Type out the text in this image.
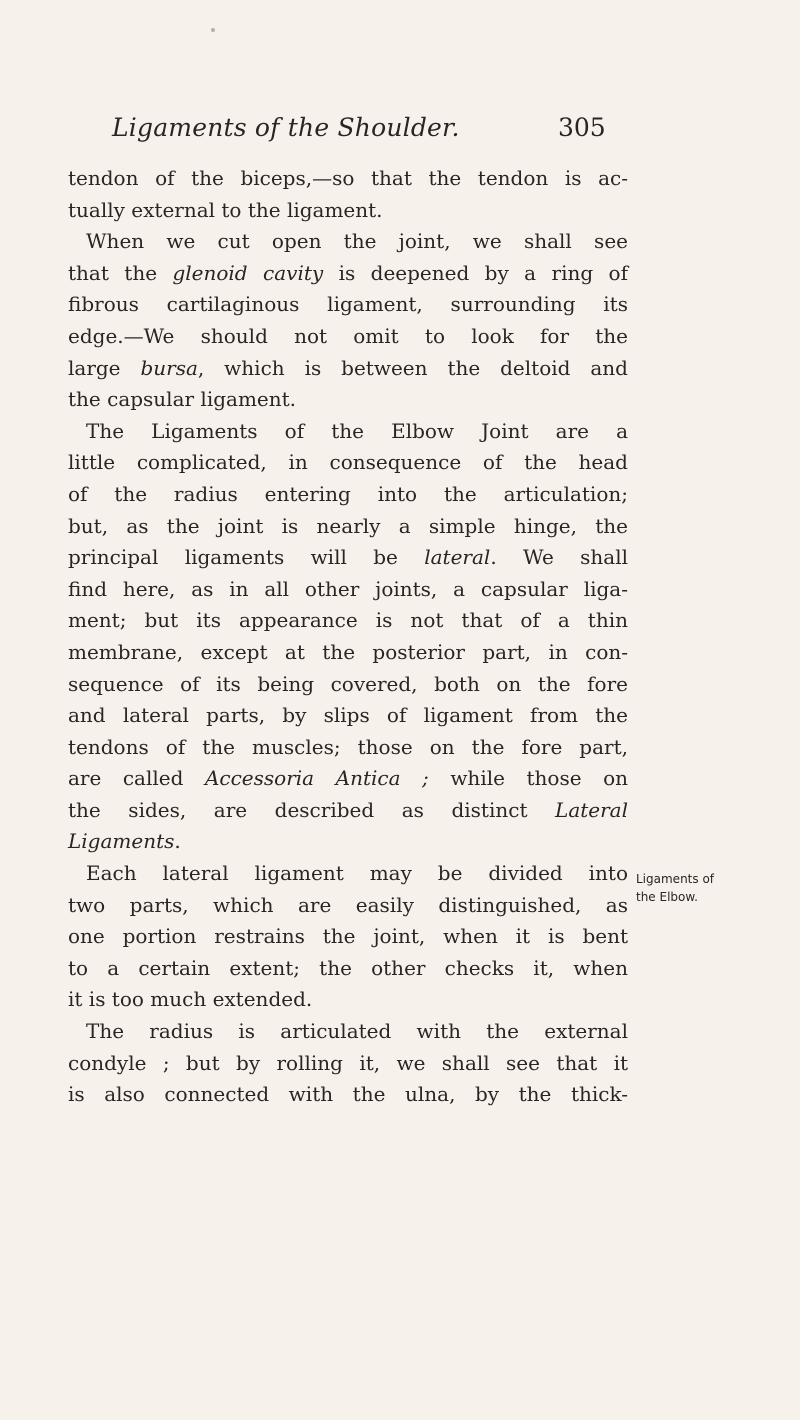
Ligaments of the Shoulder.	305
tendon of the biceps,—so that the tendon is ac-
tually external to the ligament.
When we cut open the joint, we shall see
that the glenoid cavity is deepened by a ring of
fibrous cartilaginous ligament, surrounding its
edge.—We should not omit to look for the
large bursa, which is between the deltoid and
the capsular ligament.
The Ligaments of the Elbow Joint are a
little complicated, in consequence of the head
of the radius entering into the articulation;
but, as the joint is nearly a simple hinge, the
principal ligaments will be lateral. We shall
find here, as in all other joints, a capsular liga-
ment; but its appearance is not that of a thin
membrane, except at the posterior part, in con-
sequence of its being covered, both on the fore
and lateral parts, by slips of ligament from the
tendons of the muscles; those on the fore part,
are called Accessoria Antica ; while those on
the sides, are described as distinct Lateral
Ligaments.
Each lateral ligament may be divided into
two parts, which are easily distinguished, as
one portion restrains the joint, when it is bent
to a certain extent; the other checks it, when
it is too much extended.
The radius is articulated with the external
condyle ; but by rolling it, we shall see that it
is also connected with the ulna, by the thick-
Ligaments of
the Elbow.
